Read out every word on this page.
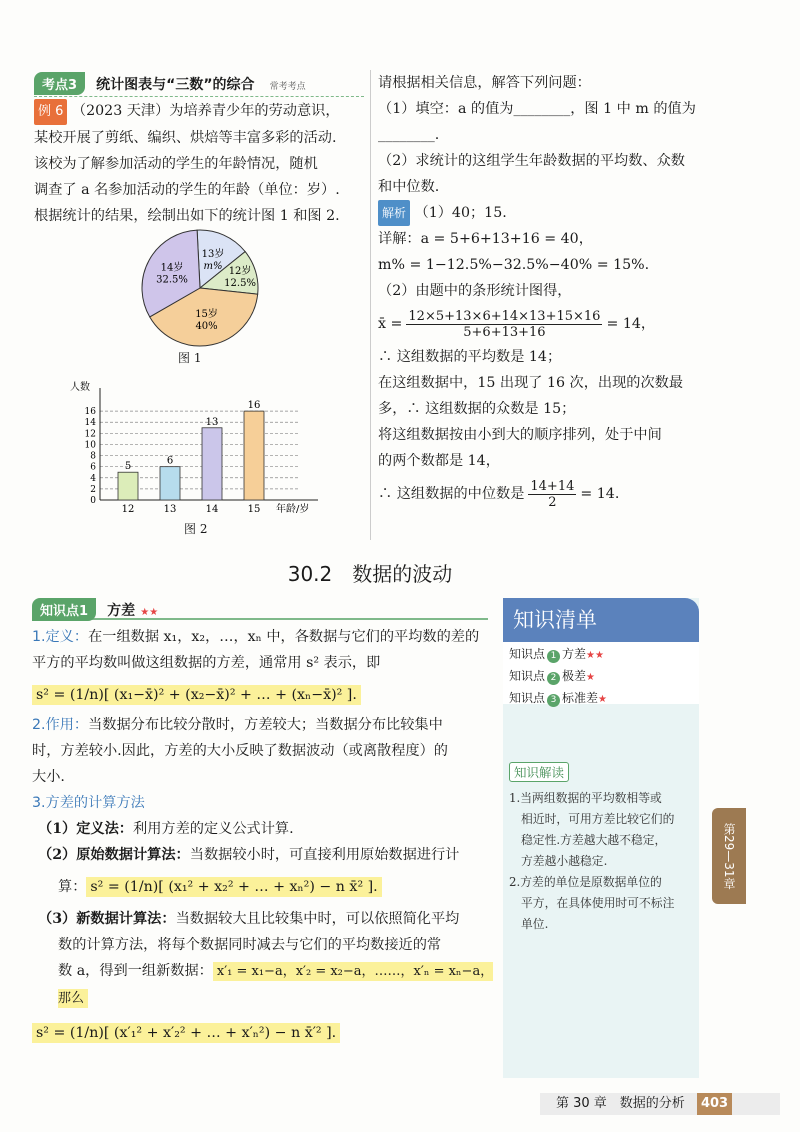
考点3 统计图表与“三数”的综合 常考考点
例 6 （2023 天津）为培养青少年的劳动意识，
某校开展了剪纸、编织、烘焙等丰富多彩的活动.
该校为了解参加活动的学生的年龄情况，随机
调查了 a 名参加活动的学生的年龄（单位：岁）.
根据统计的结果，绘制出如下的统计图 1 和图 2.
13岁
m% 12岁
12.5%
15岁
40%
14岁
32.5%
图 1
0
2
4
6
8
10
12
14
16
人数
年龄/岁
5
12
6
13
13
14
16
15
图 2
请根据相关信息，解答下列问题：
（1）填空：a 的值为________，图 1 中 m 的值为
________.
（2）求统计的这组学生年龄数据的平均数、众数
和中位数.
解析 （1）40；15.
详解：a = 5+6+13+16 = 40，
m% = 1−12.5%−32.5%−40% = 15%.
（2）由题中的条形统计图得，
x̄ = $\frac{12\times 5+13\times 6+14\times 13+15\times 16}{5+6+13+16} = 14$，
∴ 这组数据的平均数是 14；
在这组数据中，15 出现了 16 次，出现的次数最
多，∴ 这组数据的众数是 15；
将这组数据按由小到大的顺序排列，处于中间
的两个数都是 14，
∴ 这组数据的中位数是 $\frac{14+14}{2} = 14$.
30.2　数据的波动
知识点1 方差 ★★
1.定义：在一组数据 x₁，x₂，…，xₙ 中，各数据与它们的平均数的差的
平方的平均数叫做这组数据的方差，通常用 s² 表示，即
s² = (1/n)[ (x₁−x̄)² + (x₂−x̄)² + … + (xₙ−x̄)² ].
2.作用：当数据分布比较分散时，方差较大；当数据分布比较集中
时，方差较小.因此，方差的大小反映了数据波动（或离散程度）的
大小.
3.方差的计算方法
（1）定义法：利用方差的定义公式计算.
（2）原始数据计算法：当数据较小时，可直接利用原始数据进行计
算： s² = (1/n)[ (x₁² + x₂² + … + xₙ²) − n x̄² ].
（3）新数据计算法：当数据较大且比较集中时，可以依照简化平均
数的计算方法，将每个数据同时减去与它们的平均数接近的常
数 a，得到一组新数据： x′₁ = x₁−a，x′₂ = x₂−a，……，x′ₙ = xₙ−a，那么
s² = (1/n)[ (x′₁² + x′₂² + … + x′ₙ²) − n x̄′² ].
知识清单
知识点 1 方差★★
知识点 2 极差★
知识点 3 标准差★
知识解读
1.当两组数据的平均数相等或
相近时，可用方差比较它们的
稳定性.方差越大越不稳定，
方差越小越稳定.
2.方差的单位是原数据单位的
平方，在具体使用时可不标注
单位.
第29—31章
第 30 章　数据的分析 403
